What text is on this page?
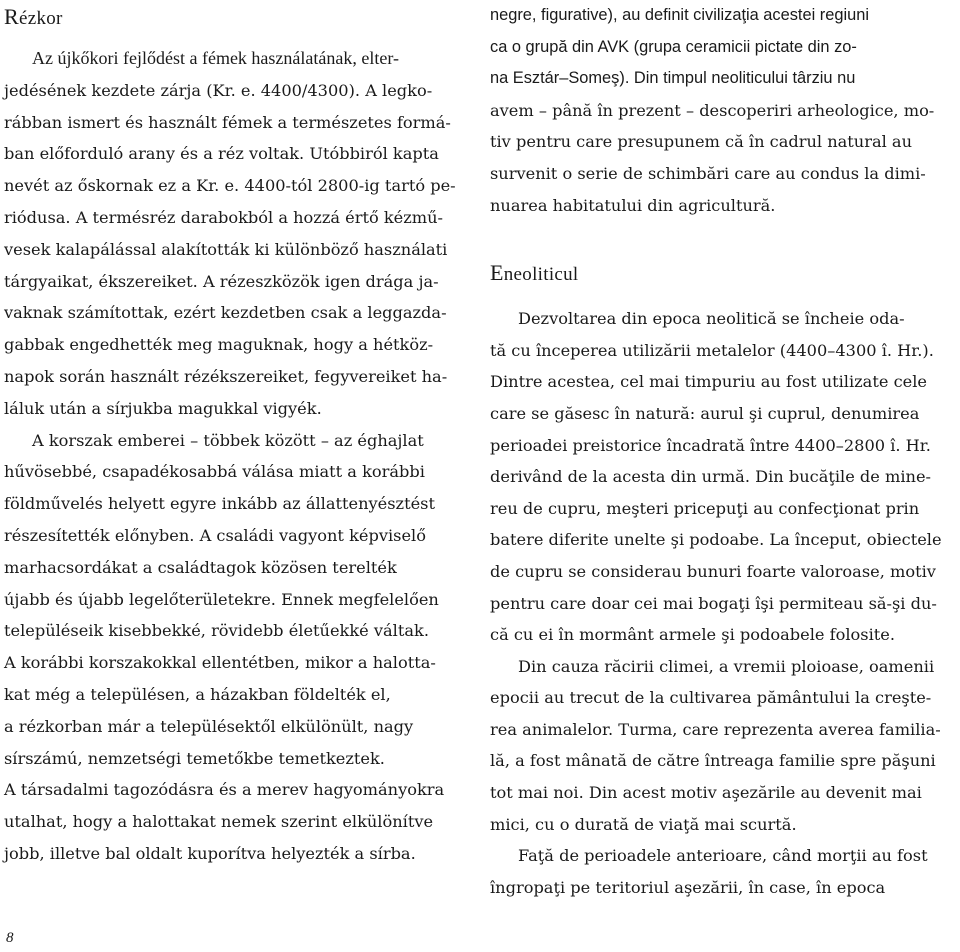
Rézkor
Az újkőkori fejlődést a fémek használatának, elter-
jedésének kezdete zárja (Kr. e. 4400/4300). A legko-
rábban ismert és használt fémek a természetes formá-
ban előforduló arany és a réz voltak. Utóbbiról kapta
nevét az őskornak ez a Kr. e. 4400-tól 2800-ig tartó pe-
riódusa. A termésréz darabokból a hozzá értő kézmű-
vesek kalapálással alakították ki különböző használati
tárgyaikat, ékszereiket. A rézeszközök igen drága ja-
vaknak számítottak, ezért kezdetben csak a leggazda-
gabbak engedhették meg maguknak, hogy a hétköz-
napok során használt rézékszereiket, fegyvereiket ha-
láluk után a sírjukba magukkal vigyék.
A korszak emberei – többek között – az éghajlat
hűvösebbé, csapadékosabbá válása miatt a korábbi
földművelés helyett egyre inkább az állattenyésztést
részesítették előnyben. A családi vagyont képviselő
marhacsordákat a családtagok közösen terelték
újabb és újabb legelőterületekre. Ennek megfelelően
településeik kisebbekké, rövidebb életűekké váltak.
A korábbi korszakokkal ellentétben, mikor a halotta-
kat még a településen, a házakban földelték el,
a rézkorban már a településektől elkülönült, nagy
sírszámú, nemzetségi temetőkbe temetkeztek.
A társadalmi tagozódásra és a merev hagyományokra
utalhat, hogy a halottakat nemek szerint elkülönítve
jobb, illetve bal oldalt kuporítva helyezték a sírba.
negre, figurative), au definit civilizaţia acestei regiuni
ca o grupă din AVK (grupa ceramicii pictate din zo-
na Esztár–Someş). Din timpul neoliticului târziu nu
avem – până în prezent – descoperiri arheologice, mo-
tiv pentru care presupunem că în cadrul natural au
survenit o serie de schimbări care au condus la dimi-
nuarea habitatului din agricultură.
Eneoliticul
Dezvoltarea din epoca neolitică se încheie oda-
tă cu începerea utilizării metalelor (4400–4300 î. Hr.).
Dintre acestea, cel mai timpuriu au fost utilizate cele
care se găsesc în natură: aurul şi cuprul, denumirea
perioadei preistorice încadrată între 4400–2800 î. Hr.
derivând de la acesta din urmă. Din bucăţile de mine-
reu de cupru, meşteri pricepuţi au confecţionat prin
batere diferite unelte şi podoabe. La început, obiectele
de cupru se considerau bunuri foarte valoroase, motiv
pentru care doar cei mai bogaţi îşi permiteau să-şi du-
că cu ei în mormânt armele şi podoabele folosite.
Din cauza răcirii climei, a vremii ploioase, oamenii
epocii au trecut de la cultivarea pământului la creşte-
rea animalelor. Turma, care reprezenta averea familia-
lă, a fost mânată de către întreaga familie spre păşuni
tot mai noi. Din acest motiv aşezările au devenit mai
mici, cu o durată de viaţă mai scurtă.
Faţă de perioadele anterioare, când morţii au fost
îngropaţi pe teritoriul aşezării, în case, în epoca
8
